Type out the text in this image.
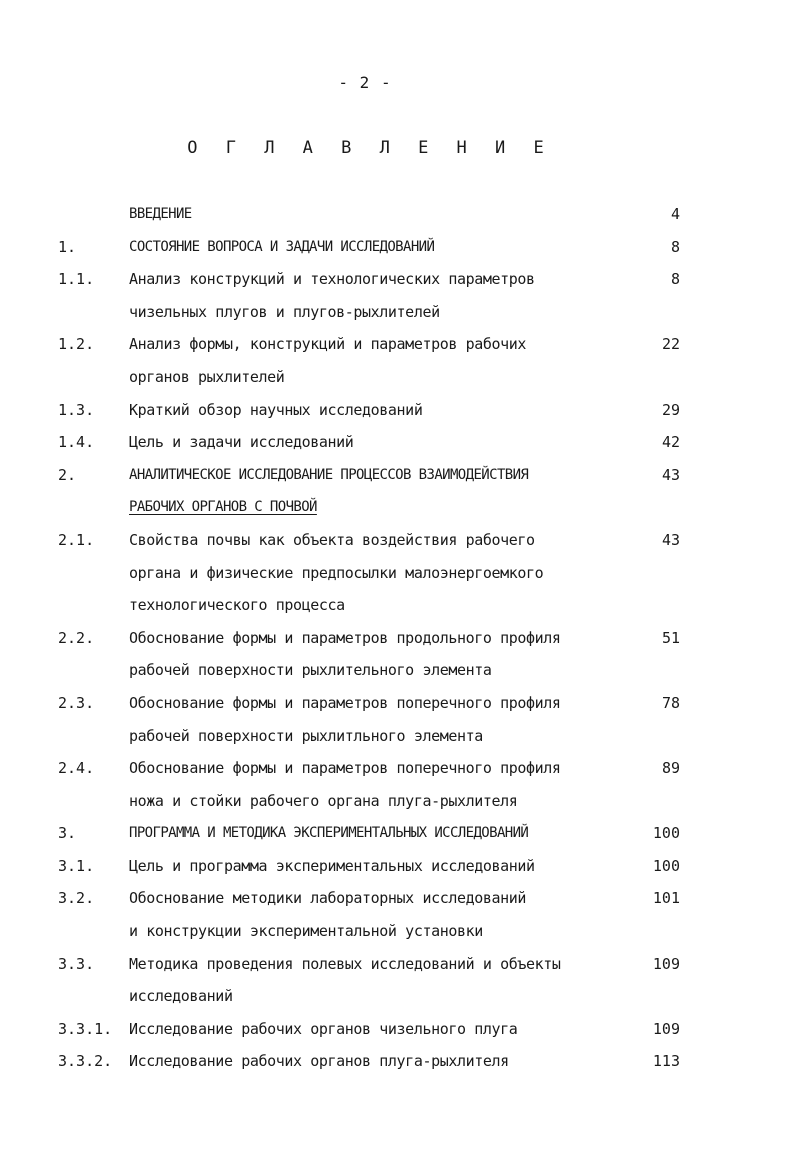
- 2 -
О Г Л А В Л Е Н И Е
ВВЕДЕНИЕ	4
1.	СОСТОЯНИЕ ВОПРОСА И ЗАДАЧИ ИССЛЕДОВАНИЙ	8
1.1. Анализ конструкций и технологических параметров	8
чизельных плугов и плугов-рыхлителей
1.2. Анализ формы, конструкций и параметров рабочих	22
органов рыхлителей
1.3. Краткий обзор научных исследований	29
1.4. Цель и задачи исследований	42
2.	АНАЛИТИЧЕСКОЕ ИССЛЕДОВАНИЕ ПРОЦЕССОВ ВЗАИМОДЕЙСТВИЯ	43
РАБОЧИХ ОРГАНОВ С ПОЧВОЙ
2.1. Свойства почвы как объекта воздействия рабочего	43
органа и физические предпосылки малоэнергоемкого
технологического процесса
2.2. Обоснование формы и параметров продольного профиля	51
рабочей поверхности рыхлительного элемента
2.3. Обоснование формы и параметров поперечного профиля	78
рабочей поверхности рыхлитльного элемента
2.4. Обоснование формы и параметров поперечного профиля	89
ножа и стойки рабочего органа плуга-рыхлителя
3.	ПРОГРАММА И МЕТОДИКА ЭКСПЕРИМЕНТАЛЬНЫХ ИССЛЕДОВАНИЙ	100
3.1. Цель и программа экспериментальных исследований	100
3.2. Обоснование методики лабораторных исследований	101
и конструкции экспериментальной установки
3.3. Методика проведения полевых исследований и объекты	109
исследований
3.3.1. Исследование рабочих органов чизельного плуга	109
3.3.2. Исследование рабочих органов плуга-рыхлителя	113
